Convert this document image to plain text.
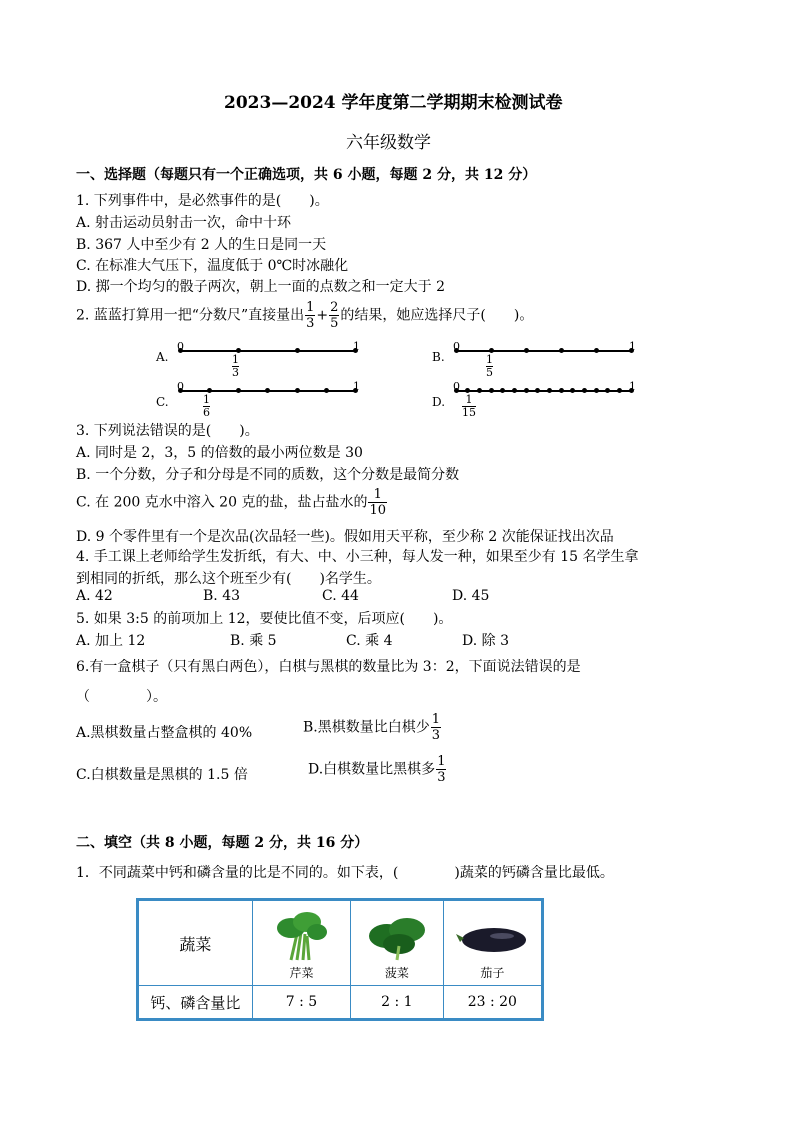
2023—2024 学年度第二学期期末检测试卷
六年级数学
一、选择题（每题只有一个正确选项，共 6 小题，每题 2 分，共 12 分）
1. 下列事件中，是必然事件的是(　　)。
A. 射击运动员射击一次，命中十环
B. 367 人中至少有 2 人的生日是同一天
C. 在标准大气压下，温度低于 0℃时冰融化
D. 掷一个均匀的骰子两次，朝上一面的点数之和一定大于 2
2. 蓝蓝打算用一把“分数尺”直接量出 $\frac{1}{3} + \frac{2}{5}$ 的结果，她应选择尺子(　　)。
A.
0	1
1
3
B.
0	1
1
5
C.
0	1
1
6
D.
0	1
1
15
3. 下列说法错误的是(　　)。
A. 同时是 2，3，5 的倍数的最小两位数是 30
B. 一个分数，分子和分母是不同的质数，这个分数是最简分数
C. 在 200 克水中溶入 20 克的盐，盐占盐水的 $\frac{1}{10}$
D. 9 个零件里有一个是次品(次品轻一些)。假如用天平称，至少称 2 次能保证找出次品
4. 手工课上老师给学生发折纸，有大、中、小三种，每人发一种，如果至少有 15 名学生拿
到相同的折纸，那么这个班至少有(　　)名学生。
A. 42	B. 43	C. 44	D. 45
5. 如果 3:5 的前项加上 12，要使比值不变，后项应(　　)。
A. 加上 12	B. 乘 5	C. 乘 4	D. 除 3
6.有一盒棋子（只有黑白两色），白棋与黑棋的数量比为 3：2，下面说法错误的是
（　　　　）。
A.黑棋数量占整盒棋的 40%	B.黑棋数量比白棋少 $\frac{1}{3}$
C.白棋数量是黑棋的 1.5 倍	D.白棋数量比黑棋多 $\frac{1}{3}$
二、填空（共 8 小题，每题 2 分，共 16 分）
1．不同蔬菜中钙和磷含量的比是不同的。如下表，(　　　　)蔬菜的钙磷含量比最低。
蔬菜	芹菜	菠菜	茄子
钙、磷含量比	7 : 5	2 : 1	23 : 20
